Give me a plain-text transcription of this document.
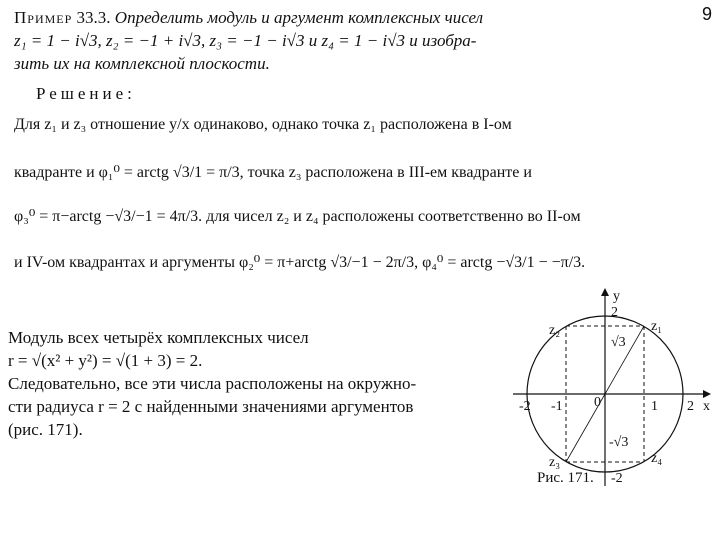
9
Пример 33.3. Определить модуль и аргумент комплексных чисел
z₁ = 1 − i√3, z₂ = −1 + i√3, z₃ = −1 − i√3 и z₄ = 1 − i√3 и изобра-
зить их на комплексной плоскости.
Решение:
Для z₁ и z₃ отношение y/x одинаково, однако точка z₁ расположена в I-ом
квадранте и φ₁⁰ = arctg √3/1 = π/3, точка z₃ расположена в III-ем квадранте и
φ₃⁰ = π−arctg −√3/−1 = 4π/3. для чисел z₂ и z₄ расположены соответственно во II-ом
и IV-ом квадрантах и аргументы φ₂⁰ = π+arctg √3/−1 − 2π/3, φ₄⁰ = arctg −√3/1 − −π/3.
Модуль всех четырёх комплексных чисел
r = √(x² + y²) = √(1 + 3) = 2.
Следовательно, все эти числа расположены на окружно-
сти радиуса r = 2 с найденными значениями аргументов
(рис. 171).
y
x
0
2
-2
1 2
-1
-2
√3
-√3
z₁
z₂
z₃	z₄
Рис. 171.
